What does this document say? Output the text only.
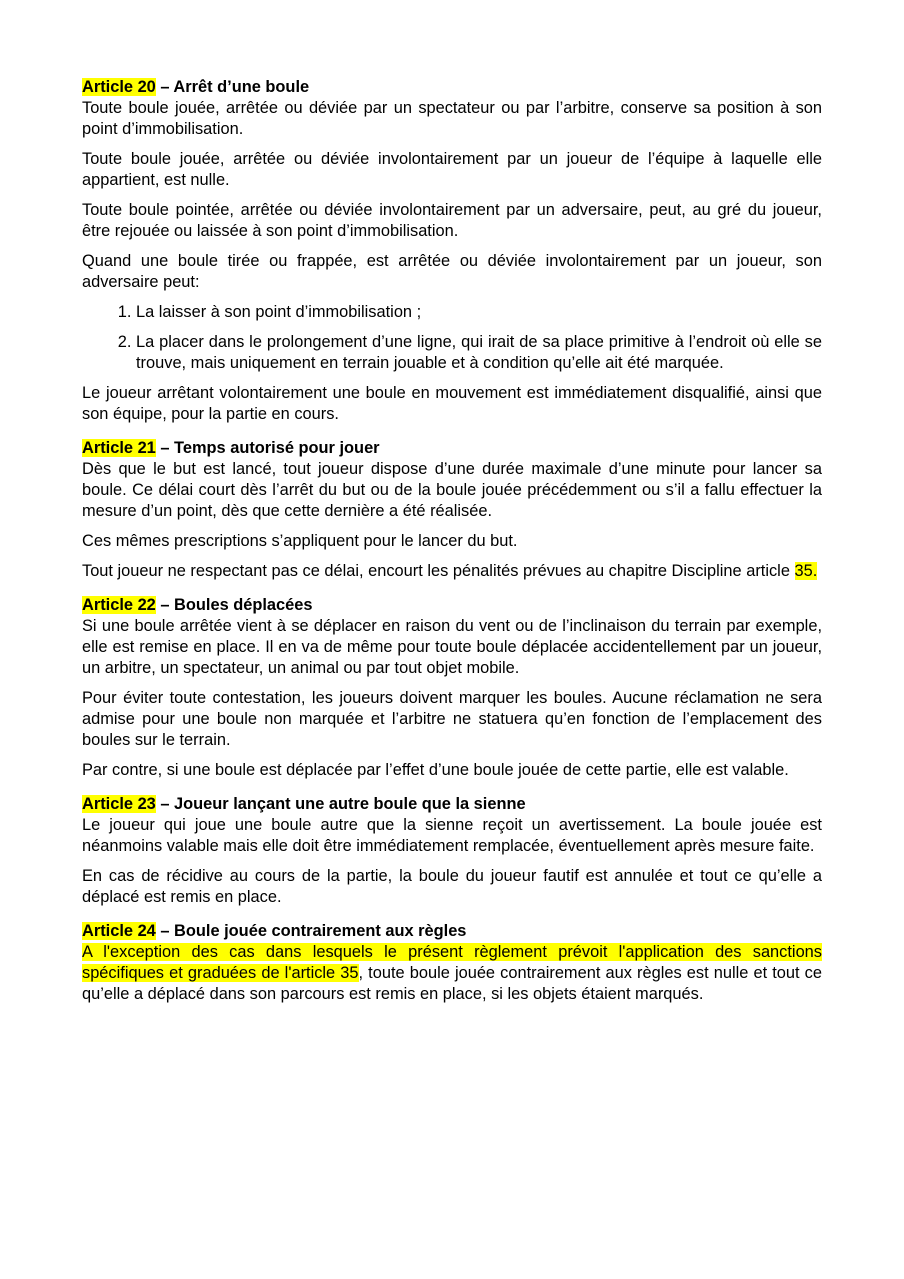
Article 20 – Arrêt d’une boule

Toute boule jouée, arrêtée ou déviée par un spectateur ou par l’arbitre, conserve sa position à son point d’immobilisation.

Toute boule jouée, arrêtée ou déviée involontairement par un joueur de l’équipe à laquelle elle appartient, est nulle.

Toute boule pointée, arrêtée ou déviée involontairement par un adversaire, peut, au gré du joueur, être rejouée ou laissée à son point d’immobilisation.

Quand une boule tirée ou frappée, est arrêtée ou déviée involontairement par un joueur, son adversaire peut:

1. La laisser à son point d’immobilisation ;
2. La placer dans le prolongement d’une ligne, qui irait de sa place primitive à l’endroit où elle se trouve, mais uniquement en terrain jouable et à condition qu’elle ait été marquée.

Le joueur arrêtant volontairement une boule en mouvement est immédiatement disqualifié, ainsi que son équipe, pour la partie en cours.

Article 21 – Temps autorisé pour jouer

Dès que le but est lancé, tout joueur dispose d’une durée maximale d’une minute pour lancer sa boule. Ce délai court dès l’arrêt du but ou de la boule jouée précédemment ou s’il a fallu effectuer la mesure d’un point, dès que cette dernière a été réalisée.

Ces mêmes prescriptions s’appliquent pour le lancer du but.

Tout joueur ne respectant pas ce délai, encourt les pénalités prévues au chapitre Discipline article 35.

Article 22 – Boules déplacées

Si une boule arrêtée vient à se déplacer en raison du vent ou de l’inclinaison du terrain par exemple, elle est remise en place. Il en va de même pour toute boule déplacée accidentellement par un joueur, un arbitre, un spectateur, un animal ou par tout objet mobile.

Pour éviter toute contestation, les joueurs doivent marquer les boules. Aucune réclamation ne sera admise pour une boule non marquée et l’arbitre ne statuera qu’en fonction de l’emplacement des boules sur le terrain.

Par contre, si une boule est déplacée par l’effet d’une boule jouée de cette partie, elle est valable.

Article 23 – Joueur lançant une autre boule que la sienne

Le joueur qui joue une boule autre que la sienne reçoit un avertissement. La boule jouée est néanmoins valable mais elle doit être immédiatement remplacée, éventuellement après mesure faite.

En cas de récidive au cours de la partie, la boule du joueur fautif est annulée et tout ce qu’elle a déplacé est remis en place.

Article 24 – Boule jouée contrairement aux règles

A l'exception des cas dans lesquels le présent règlement prévoit l'application des sanctions spécifiques et graduées de l'article 35, toute boule jouée contrairement aux règles est nulle et tout ce qu’elle a déplacé dans son parcours est remis en place, si les objets étaient marqués.
